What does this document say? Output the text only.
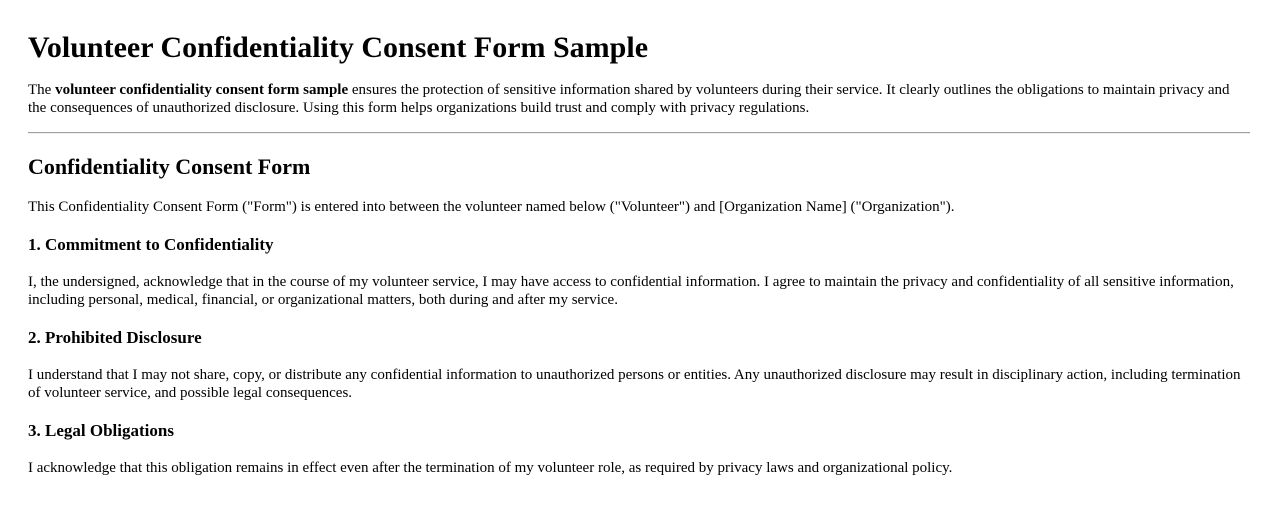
Volunteer Confidentiality Consent Form Sample

The volunteer confidentiality consent form sample ensures the protection of sensitive information shared by volunteers during their service. It clearly outlines the obligations to maintain privacy and the consequences of unauthorized disclosure. Using this form helps organizations build trust and comply with privacy regulations.

Confidentiality Consent Form

This Confidentiality Consent Form ("Form") is entered into between the volunteer named below ("Volunteer") and [Organization Name] ("Organization").

1. Commitment to Confidentiality

I, the undersigned, acknowledge that in the course of my volunteer service, I may have access to confidential information. I agree to maintain the privacy and confidentiality of all sensitive information, including personal, medical, financial, or organizational matters, both during and after my service.

2. Prohibited Disclosure

I understand that I may not share, copy, or distribute any confidential information to unauthorized persons or entities. Any unauthorized disclosure may result in disciplinary action, including termination of volunteer service, and possible legal consequences.

3. Legal Obligations

I acknowledge that this obligation remains in effect even after the termination of my volunteer role, as required by privacy laws and organizational policy.
